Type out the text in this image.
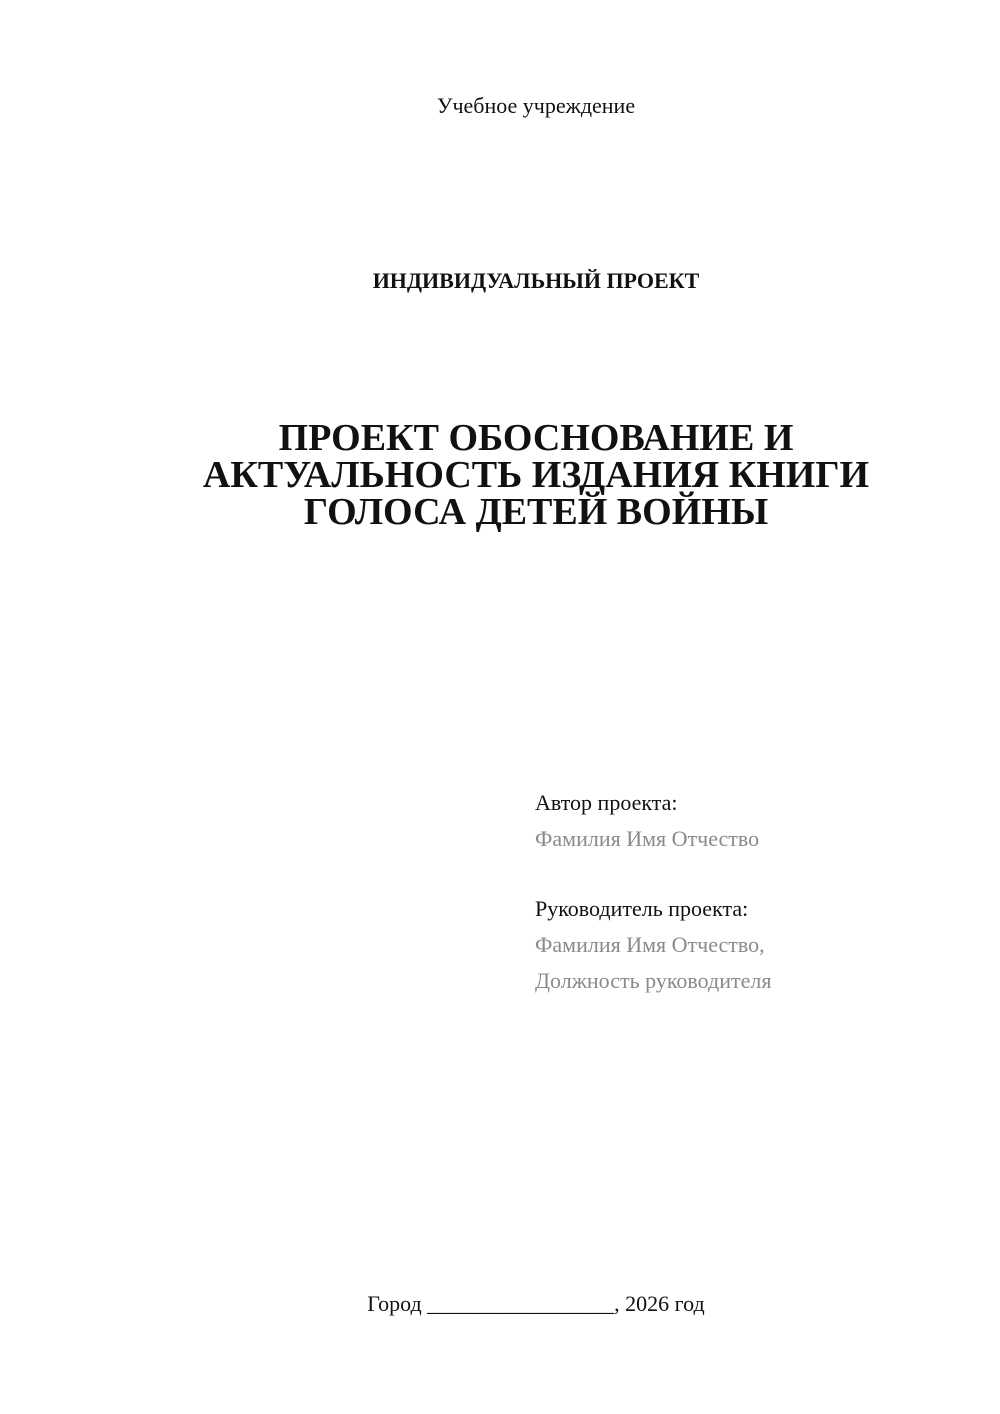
Учебное учреждение
ИНДИВИДУАЛЬНЫЙ ПРОЕКТ
ПРОЕКТ ОБОСНОВАНИЕ И
АКТУАЛЬНОСТЬ ИЗДАНИЯ КНИГИ
ГОЛОСА ДЕТЕЙ ВОЙНЫ
Автор проекта:
Фамилия Имя Отчество
Руководитель проекта:
Фамилия Имя Отчество,
Должность руководителя
Город _________________, 2026 год
